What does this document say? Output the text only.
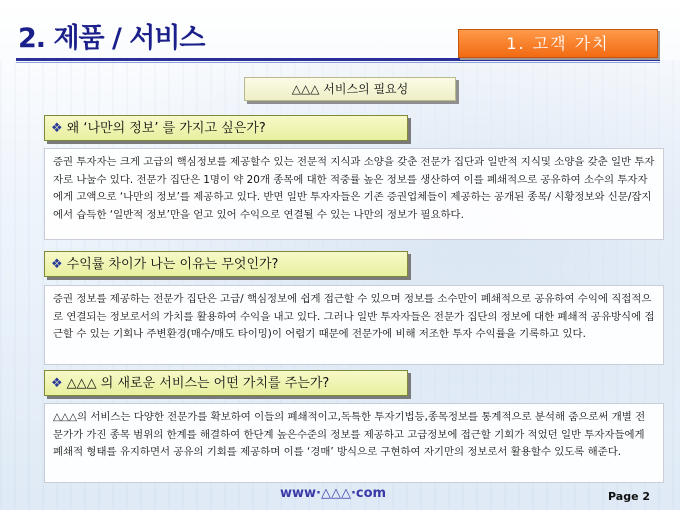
2. 제품 / 서비스	1. 고객 가치
△△△ 서비스의 필요성
❖ 왜 ‘나만의 정보’ 를 가지고 싶은가?
증권 투자자는 크게 고급의 핵심정보를 제공할수 있는 전문적 지식과 소양을 갖춘 전문가 집단과 일반적 지식및 소양을 갖춘 일반 투자자로 나눌수 있다. 전문가 집단은 1명이 약 20개 종목에 대한 적중률 높은 정보를 생산하여 이를 폐쇄적으로 공유하여 소수의 투자자에게 고액으로 ‘나만의 정보’를 제공하고 있다. 반면 일반 투자자들은 기존 증권업체들이 제공하는 공개된 종목/ 시황정보와 신문/잡지에서 습득한 ‘일반적 정보’만을 얻고 있어 수익으로 연결될 수 있는 나만의 정보가 필요하다.
❖ 수익률 차이가 나는 이유는 무엇인가?
증권 정보를 제공하는 전문가 집단은 고급/ 핵심정보에 쉽게 접근할 수 있으며 정보를 소수만이 폐쇄적으로 공유하여 수익에 직접적으로 연결되는 정보로서의 가치를 활용하여 수익을 내고 있다. 그러나 일반 투자자들은 전문가 집단의 정보에 대한 폐쇄적 공유방식에 접근할 수 있는 기회나 주변환경(매수/매도 타이밍)이 어렵기 때문에 전문가에 비해 저조한 투자 수익률을 기록하고 있다.
❖ △△△ 의 새로운 서비스는 어떤 가치를 주는가?
△△△의 서비스는 다양한 전문가를 확보하여 이들의 폐쇄적이고,독특한 투자기법등,종목정보를 통계적으로 분석해 줌으로써 개별 전문가가 가진 종목 범위의 한계를 해결하여 한단계 높은수준의 정보를 제공하고 고급정보에 접근할 기회가 적었던 일반 투자자들에게 폐쇄적 형태를 유지하면서 공유의 기회를 제공하며 이를 ‘경매’ 방식으로 구현하여 자기만의 정보로서 활용할수 있도록 해준다.
www·△△△·com	Page 2
